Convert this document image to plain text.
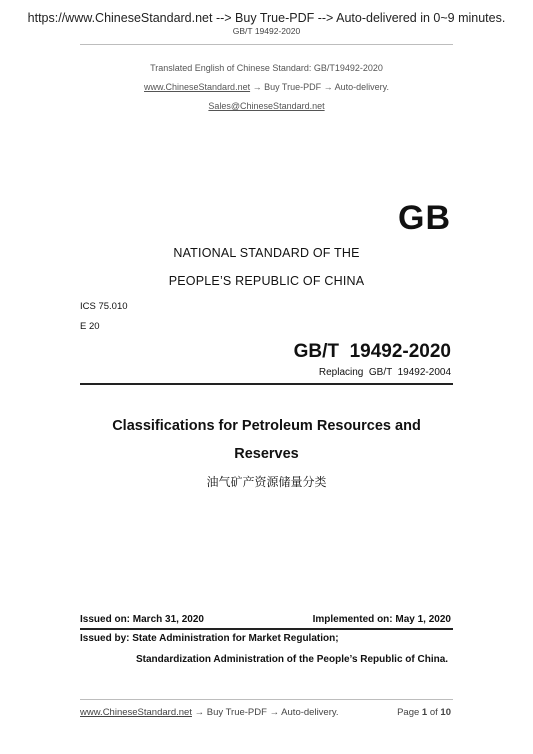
https://www.ChineseStandard.net --> Buy True-PDF --> Auto-delivered in 0~9 minutes.
GB/T 19492-2020
Translated English of Chinese Standard: GB/T19492-2020
www.ChineseStandard.net → Buy True-PDF → Auto-delivery.
Sales@ChineseStandard.net
GB
NATIONAL STANDARD OF THE
PEOPLE’S REPUBLIC OF CHINA
ICS 75.010
E 20
GB/T  19492-2020
Replacing  GB/T  19492-2004
Classifications for Petroleum Resources and
Reserves
油气矿产资源储量分类
Issued on: March 31, 2020	Implemented on: May 1, 2020
Issued by: State Administration for Market Regulation;
Standardization Administration of the People’s Republic of China.
www.ChineseStandard.net → Buy True-PDF → Auto-delivery.	Page 1 of 10
